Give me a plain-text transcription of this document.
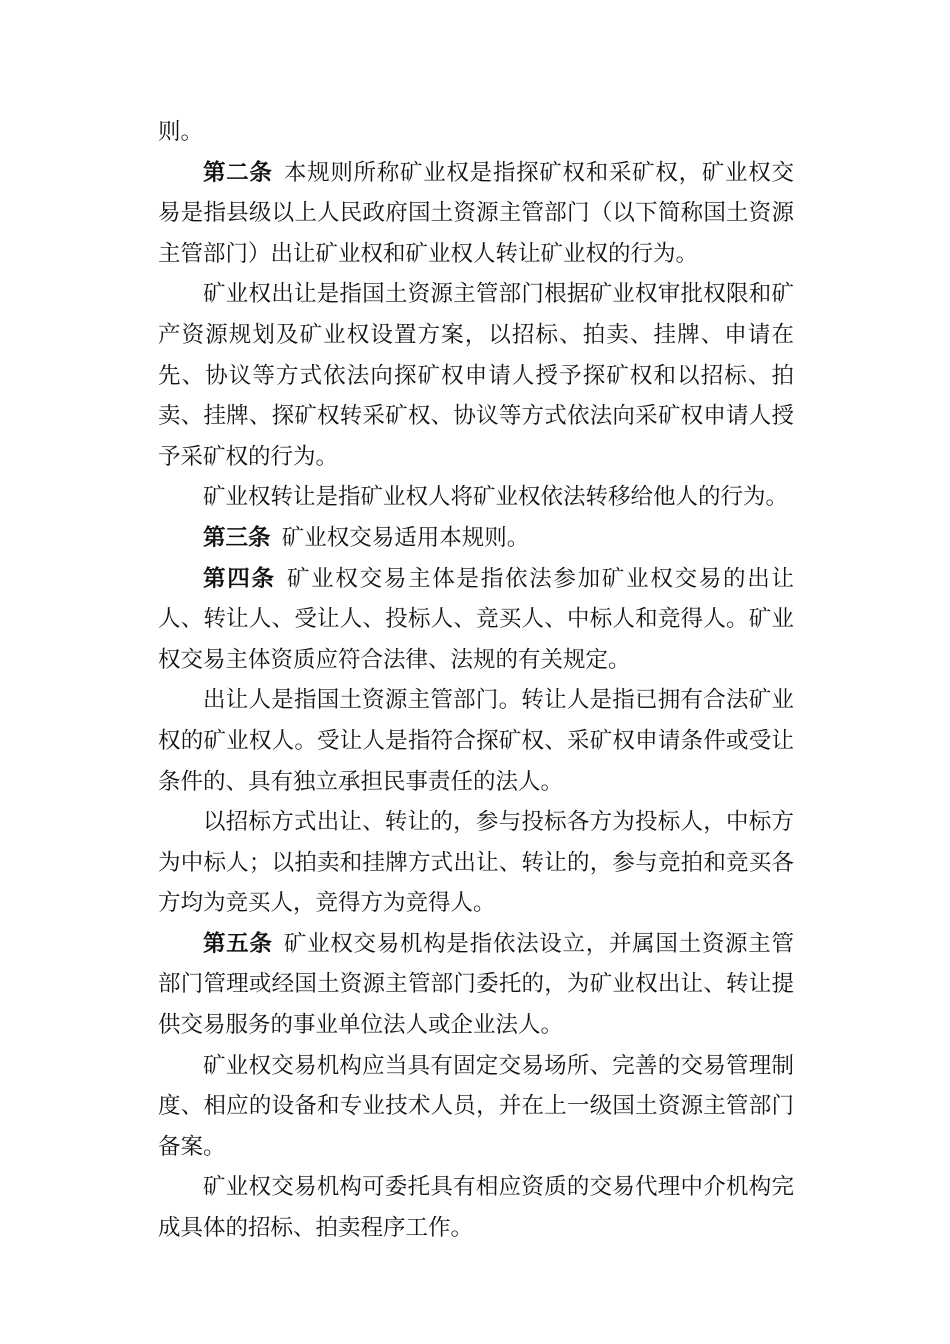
则。

第二条 本规则所称矿业权是指探矿权和采矿权，矿业权交易是指县级以上人民政府国土资源主管部门（以下简称国土资源主管部门）出让矿业权和矿业权人转让矿业权的行为。

矿业权出让是指国土资源主管部门根据矿业权审批权限和矿产资源规划及矿业权设置方案，以招标、拍卖、挂牌、申请在先、协议等方式依法向探矿权申请人授予探矿权和以招标、拍卖、挂牌、探矿权转采矿权、协议等方式依法向采矿权申请人授予采矿权的行为。

矿业权转让是指矿业权人将矿业权依法转移给他人的行为。

第三条 矿业权交易适用本规则。

第四条 矿业权交易主体是指依法参加矿业权交易的出让人、转让人、受让人、投标人、竞买人、中标人和竞得人。矿业权交易主体资质应符合法律、法规的有关规定。

出让人是指国土资源主管部门。转让人是指已拥有合法矿业权的矿业权人。受让人是指符合探矿权、采矿权申请条件或受让条件的、具有独立承担民事责任的法人。

以招标方式出让、转让的，参与投标各方为投标人，中标方为中标人；以拍卖和挂牌方式出让、转让的，参与竞拍和竞买各方均为竞买人，竞得方为竞得人。

第五条 矿业权交易机构是指依法设立，并属国土资源主管部门管理或经国土资源主管部门委托的，为矿业权出让、转让提供交易服务的事业单位法人或企业法人。

矿业权交易机构应当具有固定交易场所、完善的交易管理制度、相应的设备和专业技术人员，并在上一级国土资源主管部门备案。

矿业权交易机构可委托具有相应资质的交易代理中介机构完成具体的招标、拍卖程序工作。
